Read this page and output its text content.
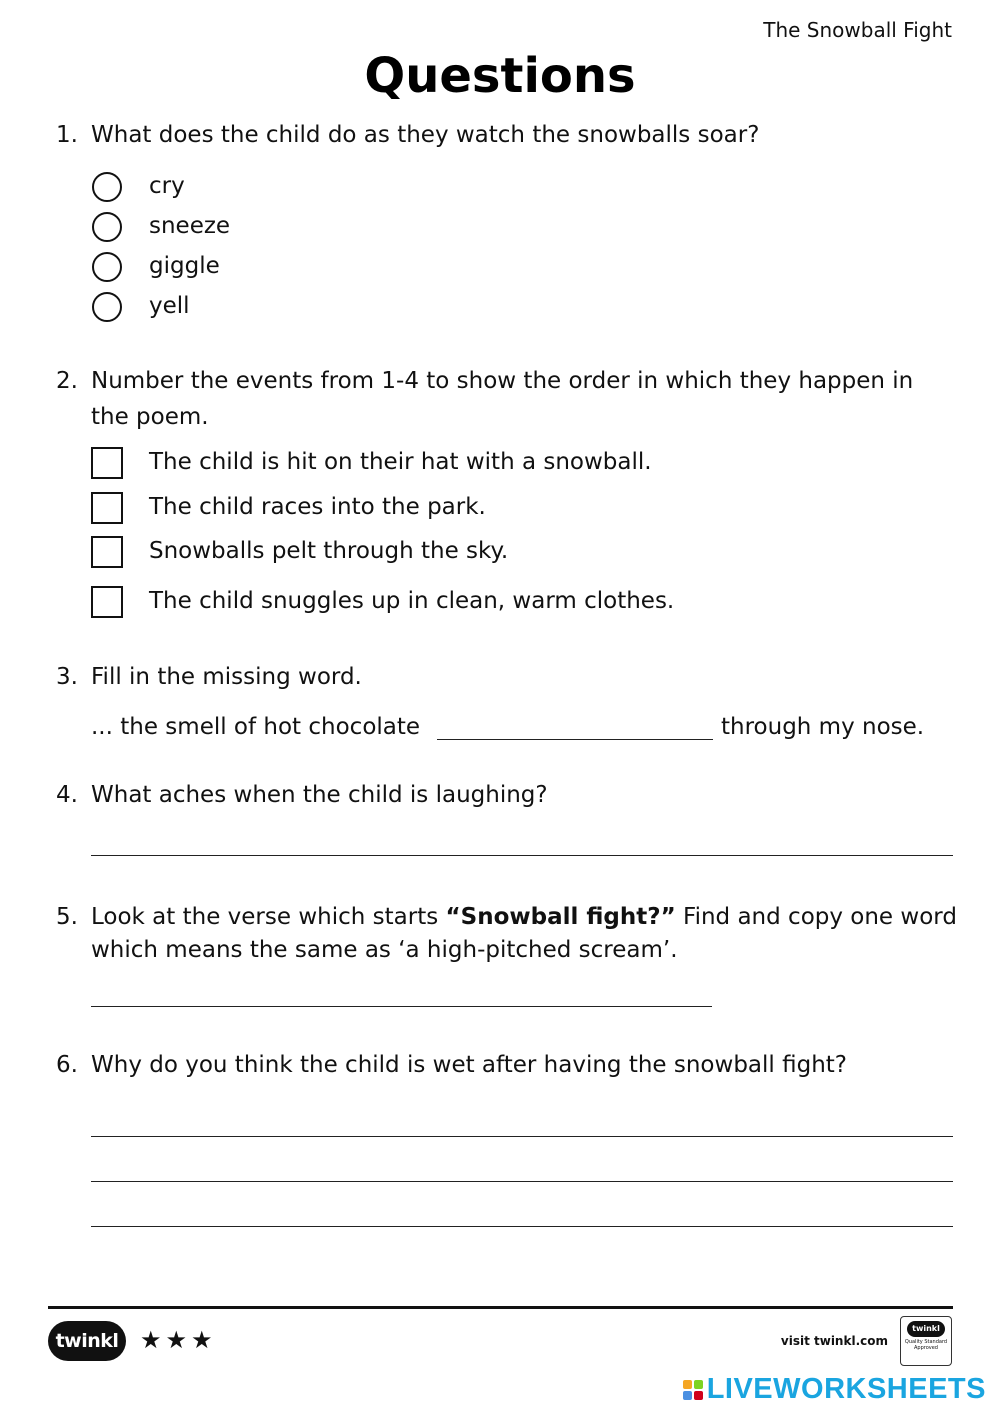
The Snowball Fight
Questions
1. What does the child do as they watch the snowballs soar?
cry
sneeze
giggle
yell
2. Number the events from 1-4 to show the order in which they happen in
the poem.
The child is hit on their hat with a snowball.
The child races into the park.
Snowballs pelt through the sky.
The child snuggles up in clean, warm clothes.
3. Fill in the missing word.
... the smell of hot chocolate	through my nose.
4. What aches when the child is laughing?
5. Look at the verse which starts “Snowball fight?” Find and copy one word
which means the same as ‘a high-pitched scream’.
6. Why do you think the child is wet after having the snowball fight?
twinkl ★★★	visit twinkl.com
twinkl
Quality Standard
Approved
LIVEWORKSHEETS
